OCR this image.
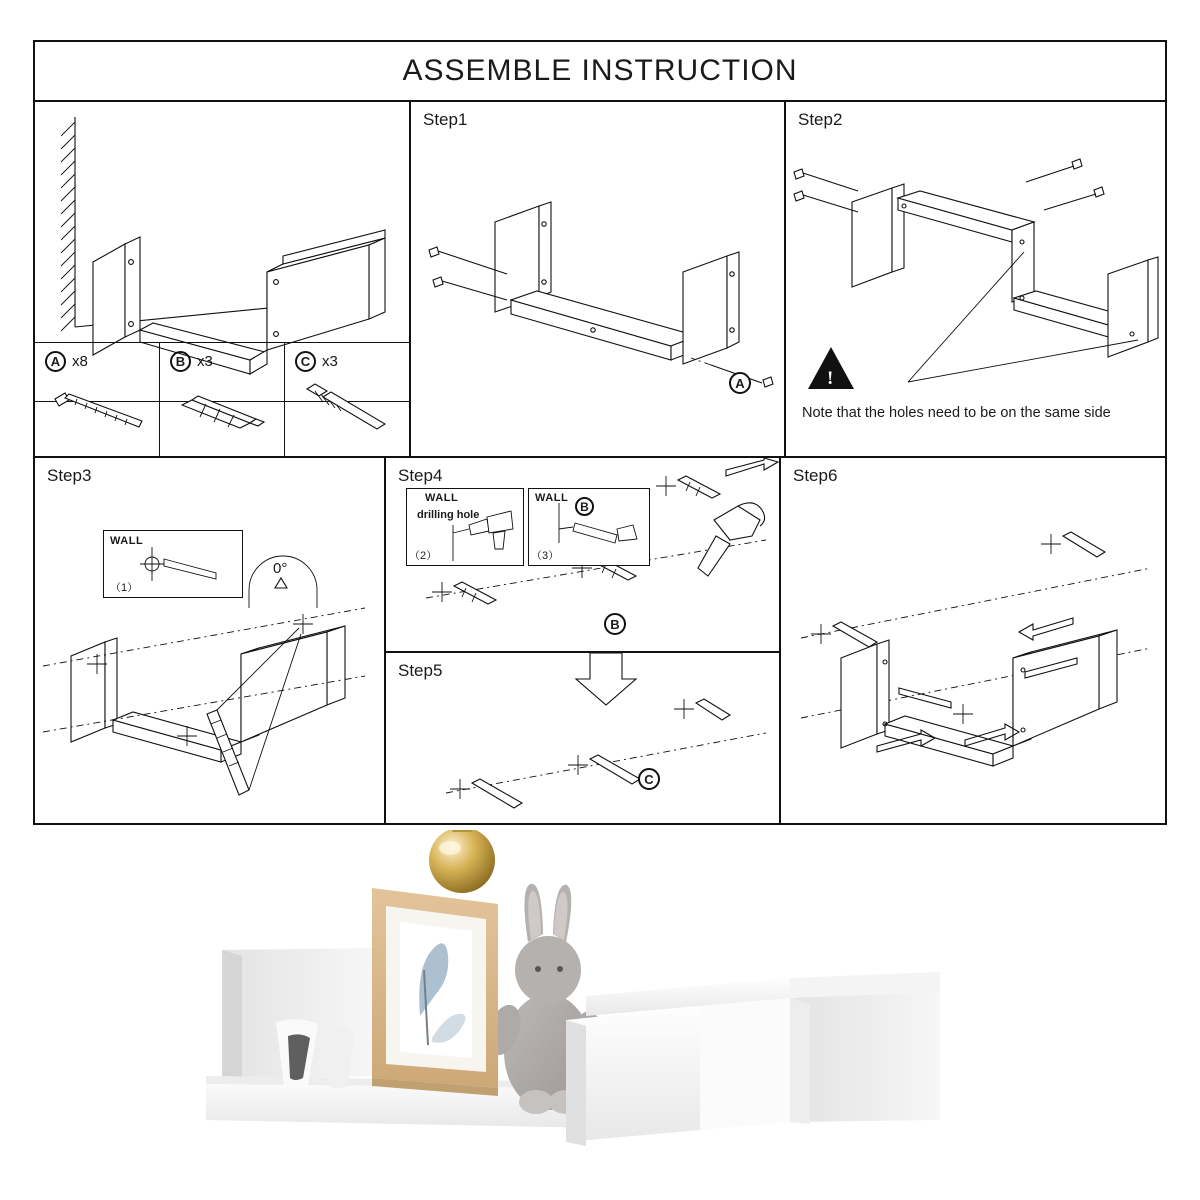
ASSEMBLE INSTRUCTION
A x8	B x3	C x3
Step1
A
Step2
!
Note that the holes need to be on the same side
Step3
WALL
（1）
0°
Step4
WALL
drilling hole
（2）
WALL
（3）
B
B
Step5
C
Step6
